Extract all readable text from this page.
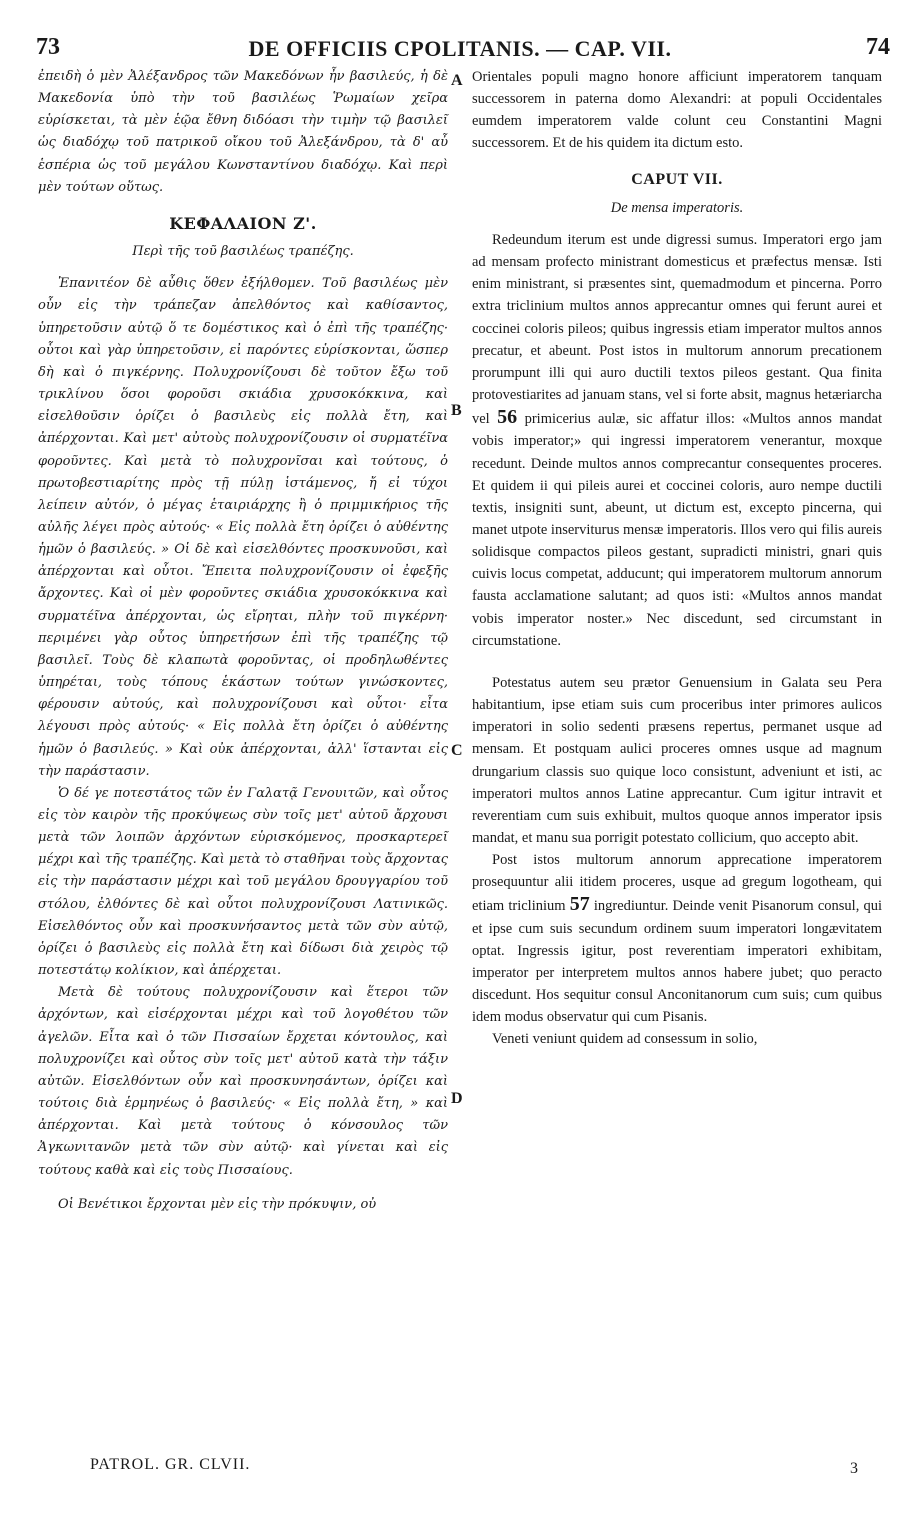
73	DE OFFICIIS CPOLITANIS. — CAP. VII.	74
A
B
C
D

ἐπειδὴ ὁ μὲν Ἀλέξανδρος τῶν Μακεδόνων ἦν βασιλεύς, ἡ δὲ Μακεδονία ὑπὸ τὴν τοῦ βασιλέως Ῥωμαίων χεῖρα εὑρίσκεται, τὰ μὲν ἑῷα ἔθνη διδόασι τὴν τιμὴν τῷ βασιλεῖ ὡς διαδόχῳ τοῦ πατρικοῦ οἴκου τοῦ Ἀλεξάνδρου, τὰ δ' αὖ ἑσπέρια ὡς τοῦ μεγάλου Κωνσταντίνου διαδόχῳ. Καὶ περὶ μὲν τούτων οὕτως.

ΚΕΦΑΛΑΙΟΝ Ζ'.
Περὶ τῆς τοῦ βασιλέως τραπέζης.

Ἐπανιτέον δὲ αὖθις ὅθεν ἐξήλθομεν. Τοῦ βασιλέως μὲν οὖν εἰς τὴν τράπεζαν ἀπελθόντος καὶ καθίσαντος, ὑπηρετοῦσιν αὐτῷ ὅ τε δομέστικος καὶ ὁ ἐπὶ τῆς τραπέζης· οὗτοι καὶ γὰρ ὑπηρετοῦσιν, εἰ παρόντες εὑρίσκονται, ὥσπερ δὴ καὶ ὁ πιγκέρνης. Πολυχρονίζουσι δὲ τοῦτον ἔξω τοῦ τρικλίνου ὅσοι φοροῦσι σκιάδια χρυσοκόκκινα, καὶ εἰσελθοῦσιν ὁρίζει ὁ βασιλεὺς εἰς πολλὰ ἔτη, καὶ ἀπέρχονται. Καὶ μετ' αὐτοὺς πολυχρονίζουσιν οἱ συρματέῖνα φοροῦντες. Καὶ μετὰ τὸ πολυχρονῖσαι καὶ τούτους, ὁ πρωτοβεστιαρίτης πρὸς τῇ πύλῃ ἱστάμενος, ἤ εἰ τύχοι λείπειν αὐτόν, ὁ μέγας ἑταιριάρχης ἢ ὁ πριμμικήριος τῆς αὐλῆς λέγει πρὸς αὐτούς· « Εἰς πολλὰ ἔτη ὁρίζει ὁ αὐθέντης ἡμῶν ὁ βασιλεύς. » Οἱ δὲ καὶ εἰσελθόντες προσκυνοῦσι, καὶ ἀπέρχονται καὶ οὗτοι. Ἔπειτα πολυχρονίζουσιν οἱ ἐφεξῆς ἄρχοντες. Καὶ οἱ μὲν φοροῦντες σκιάδια χρυσοκόκκινα καὶ συρματέῖνα ἀπέρχονται, ὡς εἴρηται, πλὴν τοῦ πιγκέρνη· περιμένει γὰρ οὗτος ὑπηρετήσων ἐπὶ τῆς τραπέζης τῷ βασιλεῖ. Τοὺς δὲ κλαπωτὰ φοροῦντας, οἱ προδηλωθέντες ὑπηρέται, τοὺς τόπους ἑκάστων τούτων γινώσκοντες, φέρουσιν αὐτούς, καὶ πολυχρονίζουσι καὶ οὗτοι· εἶτα λέγουσι πρὸς αὐτούς· « Εἰς πολλὰ ἔτη ὁρίζει ὁ αὐθέντης ἡμῶν ὁ βασιλεύς. » Καὶ οὐκ ἀπέρχονται, ἀλλ' ἵστανται εἰς τὴν παράστασιν.

Ὁ δέ γε ποτεστάτος τῶν ἐν Γαλατᾷ Γενουιτῶν, καὶ οὗτος εἰς τὸν καιρὸν τῆς προκύψεως σὺν τοῖς μετ' αὐτοῦ ἄρχουσι μετὰ τῶν λοιπῶν ἀρχόντων εὑρισκόμενος, προσκαρτερεῖ μέχρι καὶ τῆς τραπέζης. Καὶ μετὰ τὸ σταθῆναι τοὺς ἄρχοντας εἰς τὴν παράστασιν μέχρι καὶ τοῦ μεγάλου δρουγγαρίου τοῦ στόλου, ἐλθόντες δὲ καὶ οὗτοι πολυχρονίζουσι Λατινικῶς. Εἰσελθόντος οὖν καὶ προσκυνήσαντος μετὰ τῶν σὺν αὐτῷ, ὁρίζει ὁ βασιλεὺς εἰς πολλὰ ἔτη καὶ δίδωσι διὰ χειρὸς τῷ ποτεστάτῳ κολίκιον, καὶ ἀπέρχεται.

Μετὰ δὲ τούτους πολυχρονίζουσιν καὶ ἕτεροι τῶν ἀρχόντων, καὶ εἰσέρχονται μέχρι καὶ τοῦ λογοθέτου τῶν ἀγελῶν. Εἶτα καὶ ὁ τῶν Πισσαίων ἔρχεται κόντουλος, καὶ πολυχρονίζει καὶ οὗτος σὺν τοῖς μετ' αὐτοῦ κατὰ τὴν τάξιν αὐτῶν. Εἰσελθόντων οὖν καὶ προσκυνησάντων, ὁρίζει καὶ τούτοις διὰ ἑρμηνέως ὁ βασιλεύς· « Εἰς πολλὰ ἔτη, » καὶ ἀπέρχονται. Καὶ μετὰ τούτους ὁ κόνσουλος τῶν Ἀγκωνιτανῶν μετὰ τῶν σὺν αὐτῷ· καὶ γίνεται καὶ εἰς τούτους καθὰ καὶ εἰς τοὺς Πισσαίους.

Οἱ Βενέτικοι ἔρχονται μὲν εἰς τὴν πρόκυψιν, οὐ

Orientales populi magno honore afficiunt imperatorem tanquam successorem in paterna domo Alexandri: at populi Occidentales eumdem imperatorem valde colunt ceu Constantini Magni successorem. Et de his quidem ita dictum esto.

CAPUT VII.
De mensa imperatoris.

Redeundum iterum est unde digressi sumus. Imperatori ergo jam ad mensam profecto ministrant domesticus et præfectus mensæ. Isti enim ministrant, si præsentes sint, quemadmodum et pincerna. Porro extra triclinium multos annos apprecantur omnes qui ferunt aurei et coccinei coloris pileos; quibus ingressis etiam imperator multos annos precatur, et abeunt. Post istos in multorum annorum precationem prorumpunt illi qui auro ductili textos pileos gestant. Qua finita protovestiarites ad januam stans, vel si forte absit, magnus hetæriarcha vel 56 primicerius aulæ, sic affatur illos: «Multos annos mandat vobis imperator;» qui ingressi imperatorem venerantur, moxque recedunt. Deinde multos annos comprecantur consequentes proceres. Et quidem ii qui pileis aurei et coccinei coloris, auro nempe ductili textis, insigniti sunt, abeunt, ut dictum est, excepto pincerna, qui manet utpote inserviturus mensæ imperatoris. Illos vero qui filis aureis solidisque compactos pileos gestant, supradicti ministri, gnari quis cuivis locus competat, adducunt; qui imperatorem multorum annorum fausta acclamatione salutant; ad quos isti: «Multos annos mandat vobis imperator noster.» Nec discedunt, sed circumstant in circumstatione.

Potestatus autem seu prætor Genuensium in Galata seu Pera habitantium, ipse etiam suis cum proceribus inter primores aulicos imperatori in solio sedenti præsens repertus, permanet usque ad mensam. Et postquam aulici proceres omnes usque ad magnum drungarium classis suo quique loco consistunt, adveniunt et isti, ac imperatori multos annos Latine apprecantur. Cum igitur intravit et reverentiam cum suis exhibuit, multos quoque annos imperator ipsis mandat, et manu sua porrigit potestato collicium, quo accepto abit.

Post istos multorum annorum apprecatione imperatorem prosequuntur alii itidem proceres, usque ad gregum logotheam, qui etiam triclinium 57 ingrediuntur. Deinde venit Pisanorum consul, qui et ipse cum suis secundum ordinem suum imperatori longævitatem optat. Ingressis igitur, post reverentiam imperatori exhibitam, imperator per interpretem multos annos habere jubet; quo peracto discedunt. Hos sequitur consul Anconitanorum cum suis; cum quibus idem modus observatur qui cum Pisanis.

Veneti veniunt quidem ad consessum in solio,

PATROL. GR. CLVII.	3
